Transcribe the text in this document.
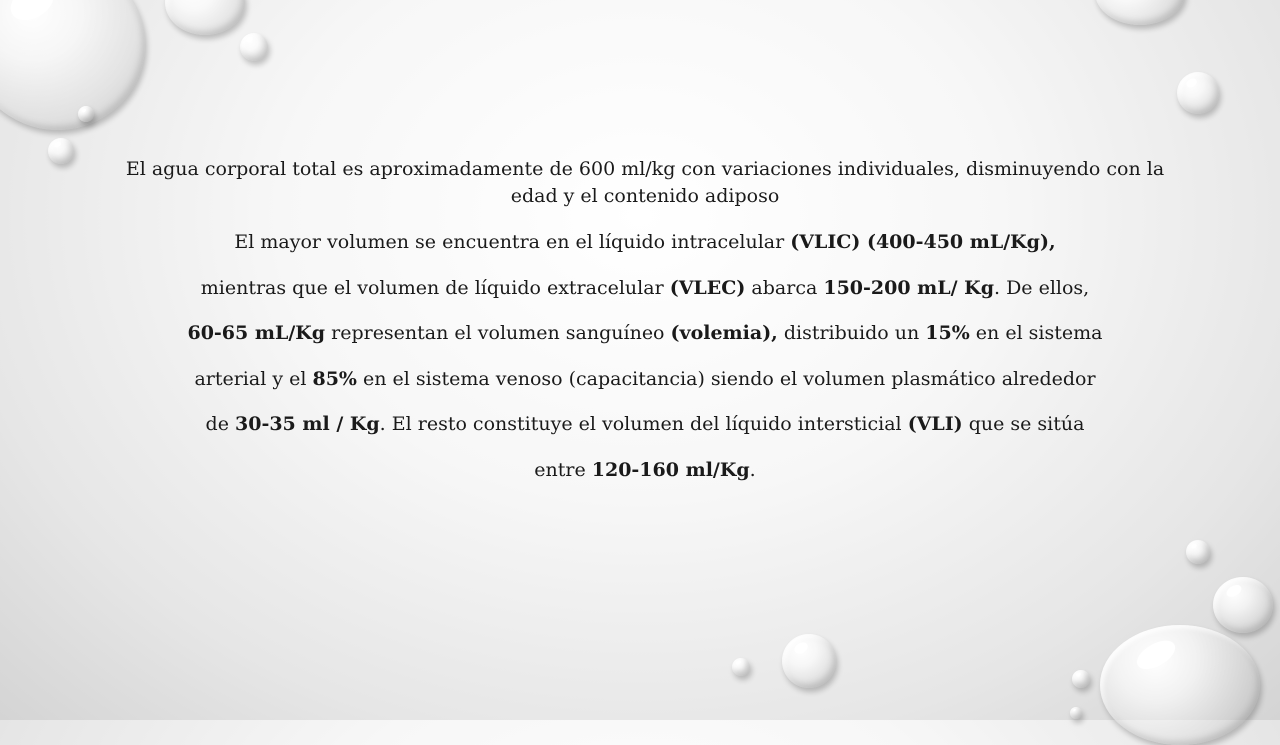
El agua corporal total es aproximadamente de 600 ml/kg con variaciones individuales, disminuyendo con la edad y el contenido adiposo

El mayor volumen se encuentra en el líquido intracelular (VLIC) (400-450 mL/Kg),

mientras que el volumen de líquido extracelular (VLEC) abarca 150-200 mL/ Kg. De ellos,

60-65 mL/Kg representan el volumen sanguíneo (volemia), distribuido un 15% en el sistema

arterial y el 85% en el sistema venoso (capacitancia) siendo el volumen plasmático alrededor

de 30-35 ml / Kg. El resto constituye el volumen del líquido intersticial (VLI) que se sitúa

entre 120-160 ml/Kg.
